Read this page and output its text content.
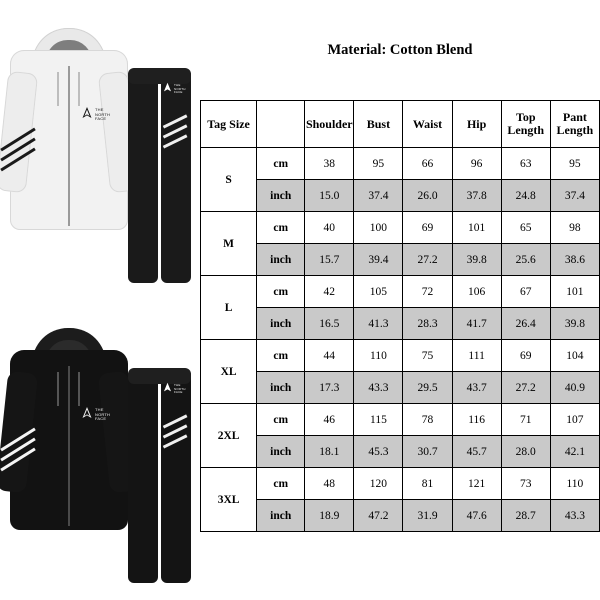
THE
NORTH
FACE
THE
NORTH
FACE
THE
NORTH
FACE
THE
NORTH
FACE
Material: Cotton Blend
Tag Size		Shoulder	Bust	Waist	Hip	Top Length	Pant Length
S	cm	38	95	66	96	63	95
	inch	15.0	37.4	26.0	37.8	24.8	37.4
M	cm	40	100	69	101	65	98
	inch	15.7	39.4	27.2	39.8	25.6	38.6
L	cm	42	105	72	106	67	101
	inch	16.5	41.3	28.3	41.7	26.4	39.8
XL	cm	44	110	75	111	69	104
	inch	17.3	43.3	29.5	43.7	27.2	40.9
2XL	cm	46	115	78	116	71	107
	inch	18.1	45.3	30.7	45.7	28.0	42.1
3XL	cm	48	120	81	121	73	110
	inch	18.9	47.2	31.9	47.6	28.7	43.3
